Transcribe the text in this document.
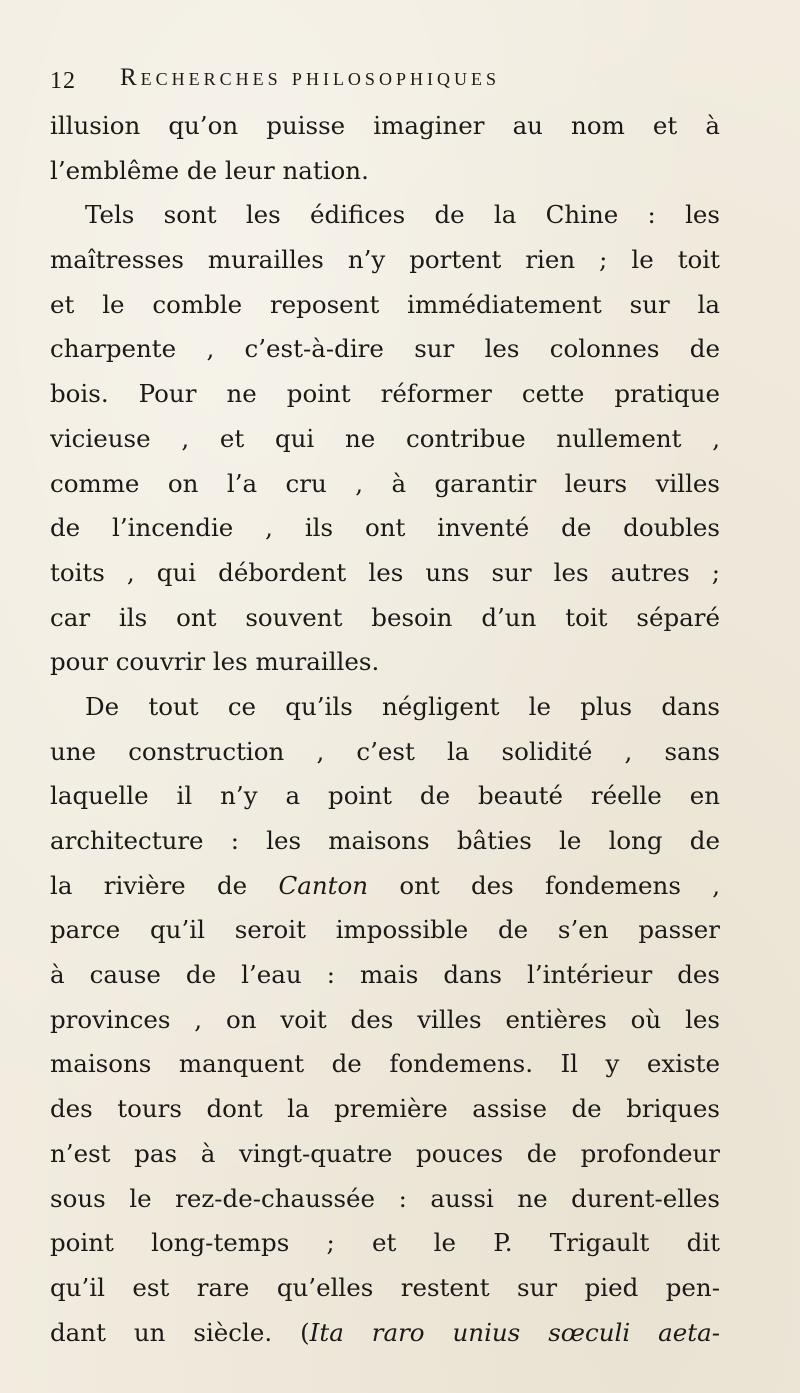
12 Recherches philosophiques
illusion qu’on puisse imaginer au nom et à
l’emblême de leur nation.
Tels sont les édifices de la Chine : les
maîtresses murailles n’y portent rien ; le toit
et le comble reposent immédiatement sur la
charpente , c’est-à-dire sur les colonnes de
bois. Pour ne point réformer cette pratique
vicieuse , et qui ne contribue nullement ,
comme on l’a cru , à garantir leurs villes
de l’incendie , ils ont inventé de doubles
toits , qui débordent les uns sur les autres ;
car ils ont souvent besoin d’un toit séparé
pour couvrir les murailles.
De tout ce qu’ils négligent le plus dans
une construction , c’est la solidité , sans
laquelle il n’y a point de beauté réelle en
architecture : les maisons bâties le long de
la rivière de Canton ont des fondemens ,
parce qu’il seroit impossible de s’en passer
à cause de l’eau : mais dans l’intérieur des
provinces , on voit des villes entières où les
maisons manquent de fondemens. Il y existe
des tours dont la première assise de briques
n’est pas à vingt-quatre pouces de profondeur
sous le rez-de-chaussée : aussi ne durent-elles
point long-temps ; et le P. Trigault dit
qu’il est rare qu’elles restent sur pied pen-
dant un siècle. (Ita raro unius sœculi aeta-
